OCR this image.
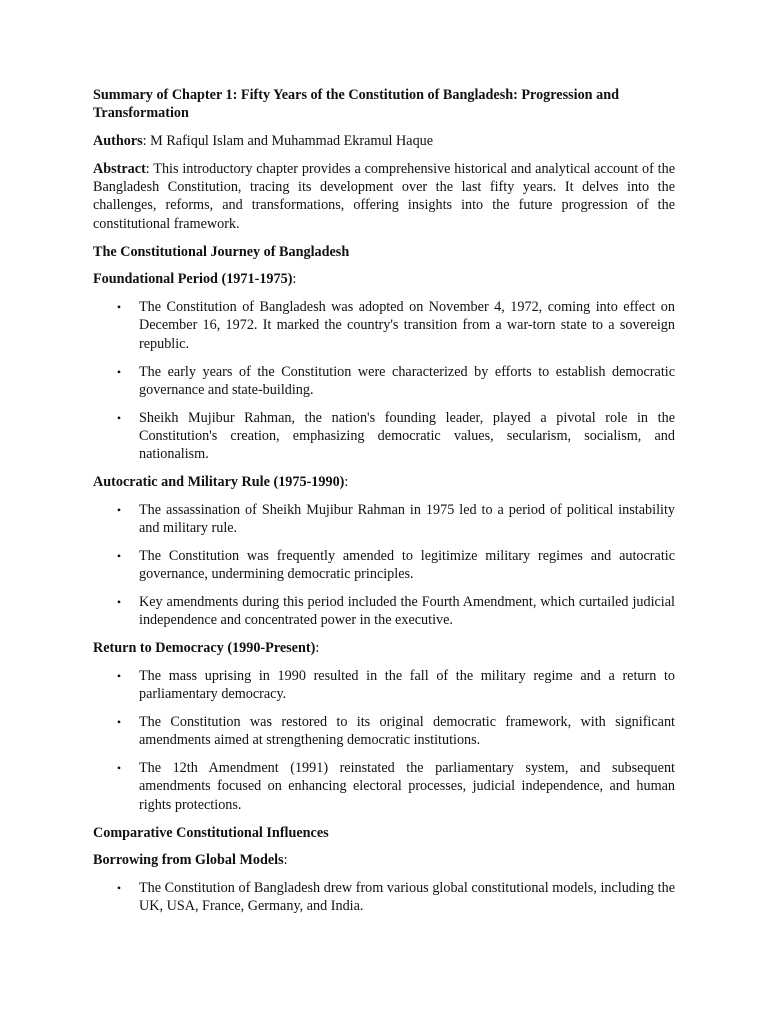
Summary of Chapter 1: Fifty Years of the Constitution of Bangladesh: Progression and Transformation

Authors: M Rafiqul Islam and Muhammad Ekramul Haque

Abstract: This introductory chapter provides a comprehensive historical and analytical account of the Bangladesh Constitution, tracing its development over the last fifty years. It delves into the challenges, reforms, and transformations, offering insights into the future progression of the constitutional framework.

The Constitutional Journey of Bangladesh

Foundational Period (1971-1975):

• The Constitution of Bangladesh was adopted on November 4, 1972, coming into effect on December 16, 1972. It marked the country's transition from a war-torn state to a sovereign republic.
• The early years of the Constitution were characterized by efforts to establish democratic governance and state-building.
• Sheikh Mujibur Rahman, the nation's founding leader, played a pivotal role in the Constitution's creation, emphasizing democratic values, secularism, socialism, and nationalism.

Autocratic and Military Rule (1975-1990):

• The assassination of Sheikh Mujibur Rahman in 1975 led to a period of political instability and military rule.
• The Constitution was frequently amended to legitimize military regimes and autocratic governance, undermining democratic principles.
• Key amendments during this period included the Fourth Amendment, which curtailed judicial independence and concentrated power in the executive.

Return to Democracy (1990-Present):

• The mass uprising in 1990 resulted in the fall of the military regime and a return to parliamentary democracy.
• The Constitution was restored to its original democratic framework, with significant amendments aimed at strengthening democratic institutions.
• The 12th Amendment (1991) reinstated the parliamentary system, and subsequent amendments focused on enhancing electoral processes, judicial independence, and human rights protections.

Comparative Constitutional Influences

Borrowing from Global Models:

• The Constitution of Bangladesh drew from various global constitutional models, including the UK, USA, France, Germany, and India.
